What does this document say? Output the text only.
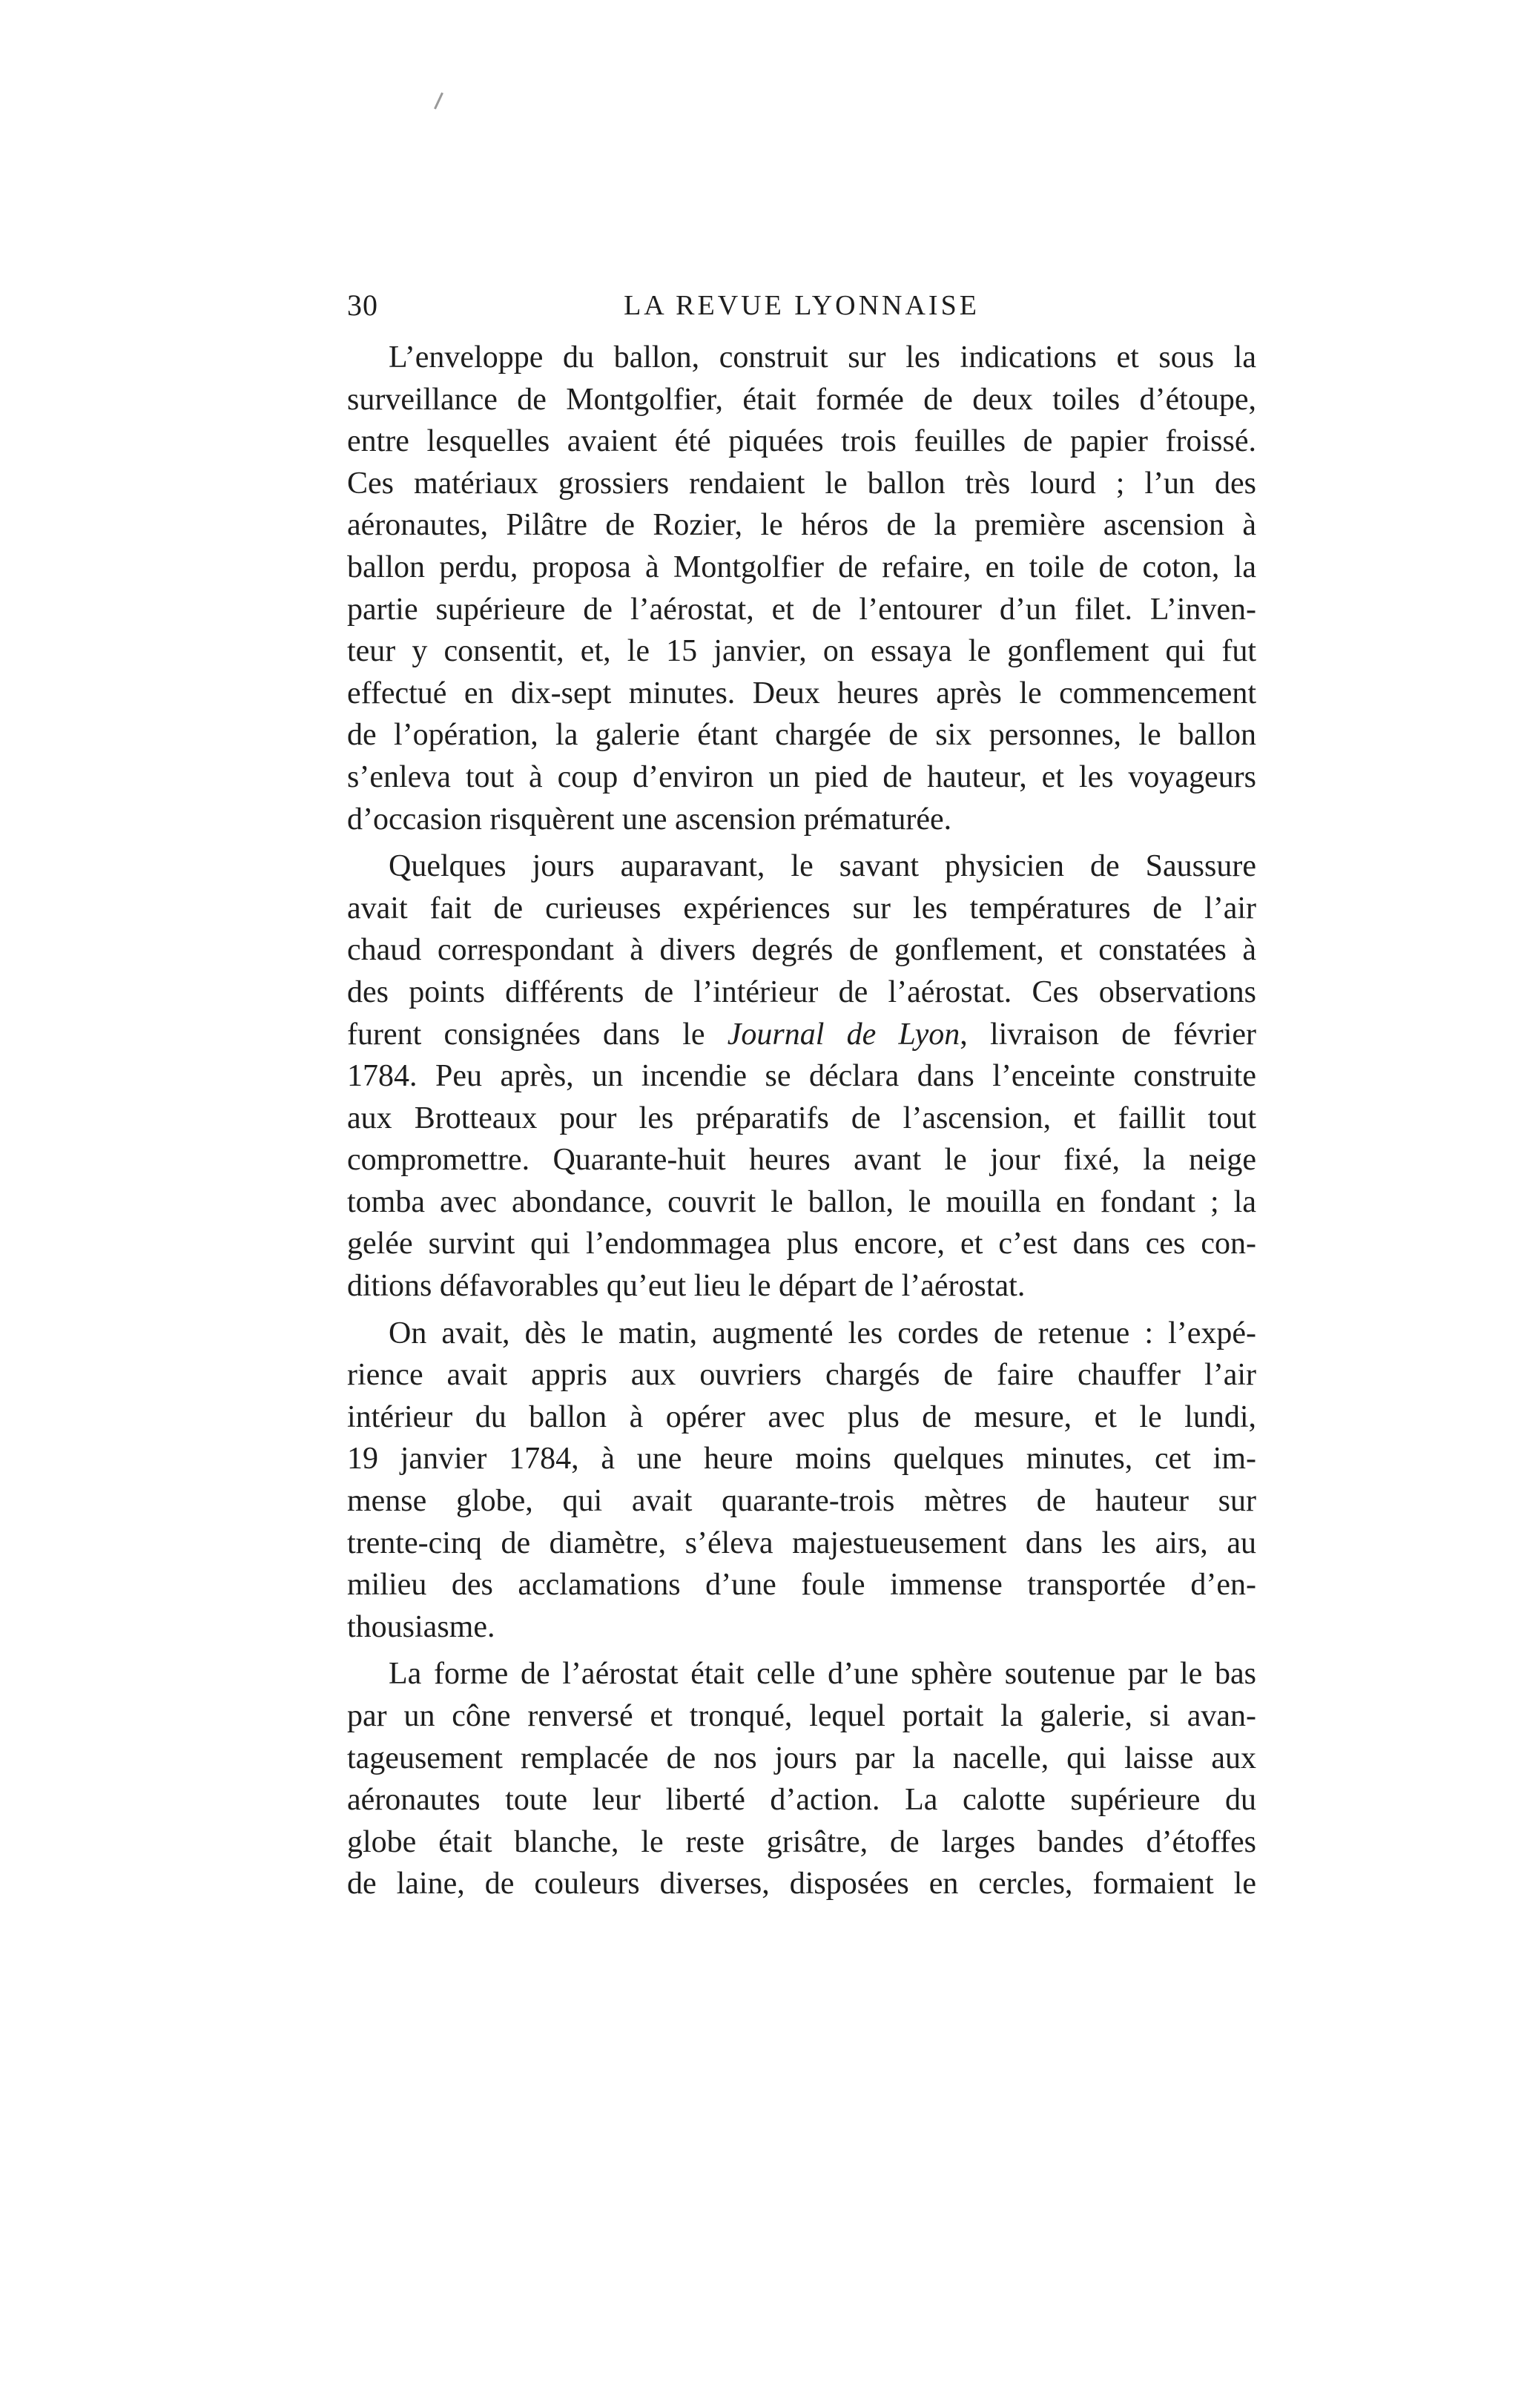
30	LA REVUE LYONNAISE
L’enveloppe du ballon, construit sur les indications et sous la
surveillance de Montgolfier, était formée de deux toiles d’étoupe,
entre lesquelles avaient été piquées trois feuilles de papier froissé.
Ces matériaux grossiers rendaient le ballon très lourd ; l’un des
aéronautes, Pilâtre de Rozier, le héros de la première ascension à
ballon perdu, proposa à Montgolfier de refaire, en toile de coton, la
partie supérieure de l’aérostat, et de l’entourer d’un filet. L’inven-
teur y consentit, et, le 15 janvier, on essaya le gonflement qui fut
effectué en dix-sept minutes. Deux heures après le commencement
de l’opération, la galerie étant chargée de six personnes, le ballon
s’enleva tout à coup d’environ un pied de hauteur, et les voyageurs
d’occasion risquèrent une ascension prématurée.
Quelques jours auparavant, le savant physicien de Saussure
avait fait de curieuses expériences sur les températures de l’air
chaud correspondant à divers degrés de gonflement, et constatées à
des points différents de l’intérieur de l’aérostat. Ces observations
furent consignées dans le Journal de Lyon, livraison de février
1784. Peu après, un incendie se déclara dans l’enceinte construite
aux Brotteaux pour les préparatifs de l’ascension, et faillit tout
compromettre. Quarante-huit heures avant le jour fixé, la neige
tomba avec abondance, couvrit le ballon, le mouilla en fondant ; la
gelée survint qui l’endommagea plus encore, et c’est dans ces con-
ditions défavorables qu’eut lieu le départ de l’aérostat.
On avait, dès le matin, augmenté les cordes de retenue : l’expé-
rience avait appris aux ouvriers chargés de faire chauffer l’air
intérieur du ballon à opérer avec plus de mesure, et le lundi,
19 janvier 1784, à une heure moins quelques minutes, cet im-
mense globe, qui avait quarante-trois mètres de hauteur sur
trente-cinq de diamètre, s’éleva majestueusement dans les airs, au
milieu des acclamations d’une foule immense transportée d’en-
thousiasme.
La forme de l’aérostat était celle d’une sphère soutenue par le bas
par un cône renversé et tronqué, lequel portait la galerie, si avan-
tageusement remplacée de nos jours par la nacelle, qui laisse aux
aéronautes toute leur liberté d’action. La calotte supérieure du
globe était blanche, le reste grisâtre, de larges bandes d’étoffes
de laine, de couleurs diverses, disposées en cercles, formaient le
